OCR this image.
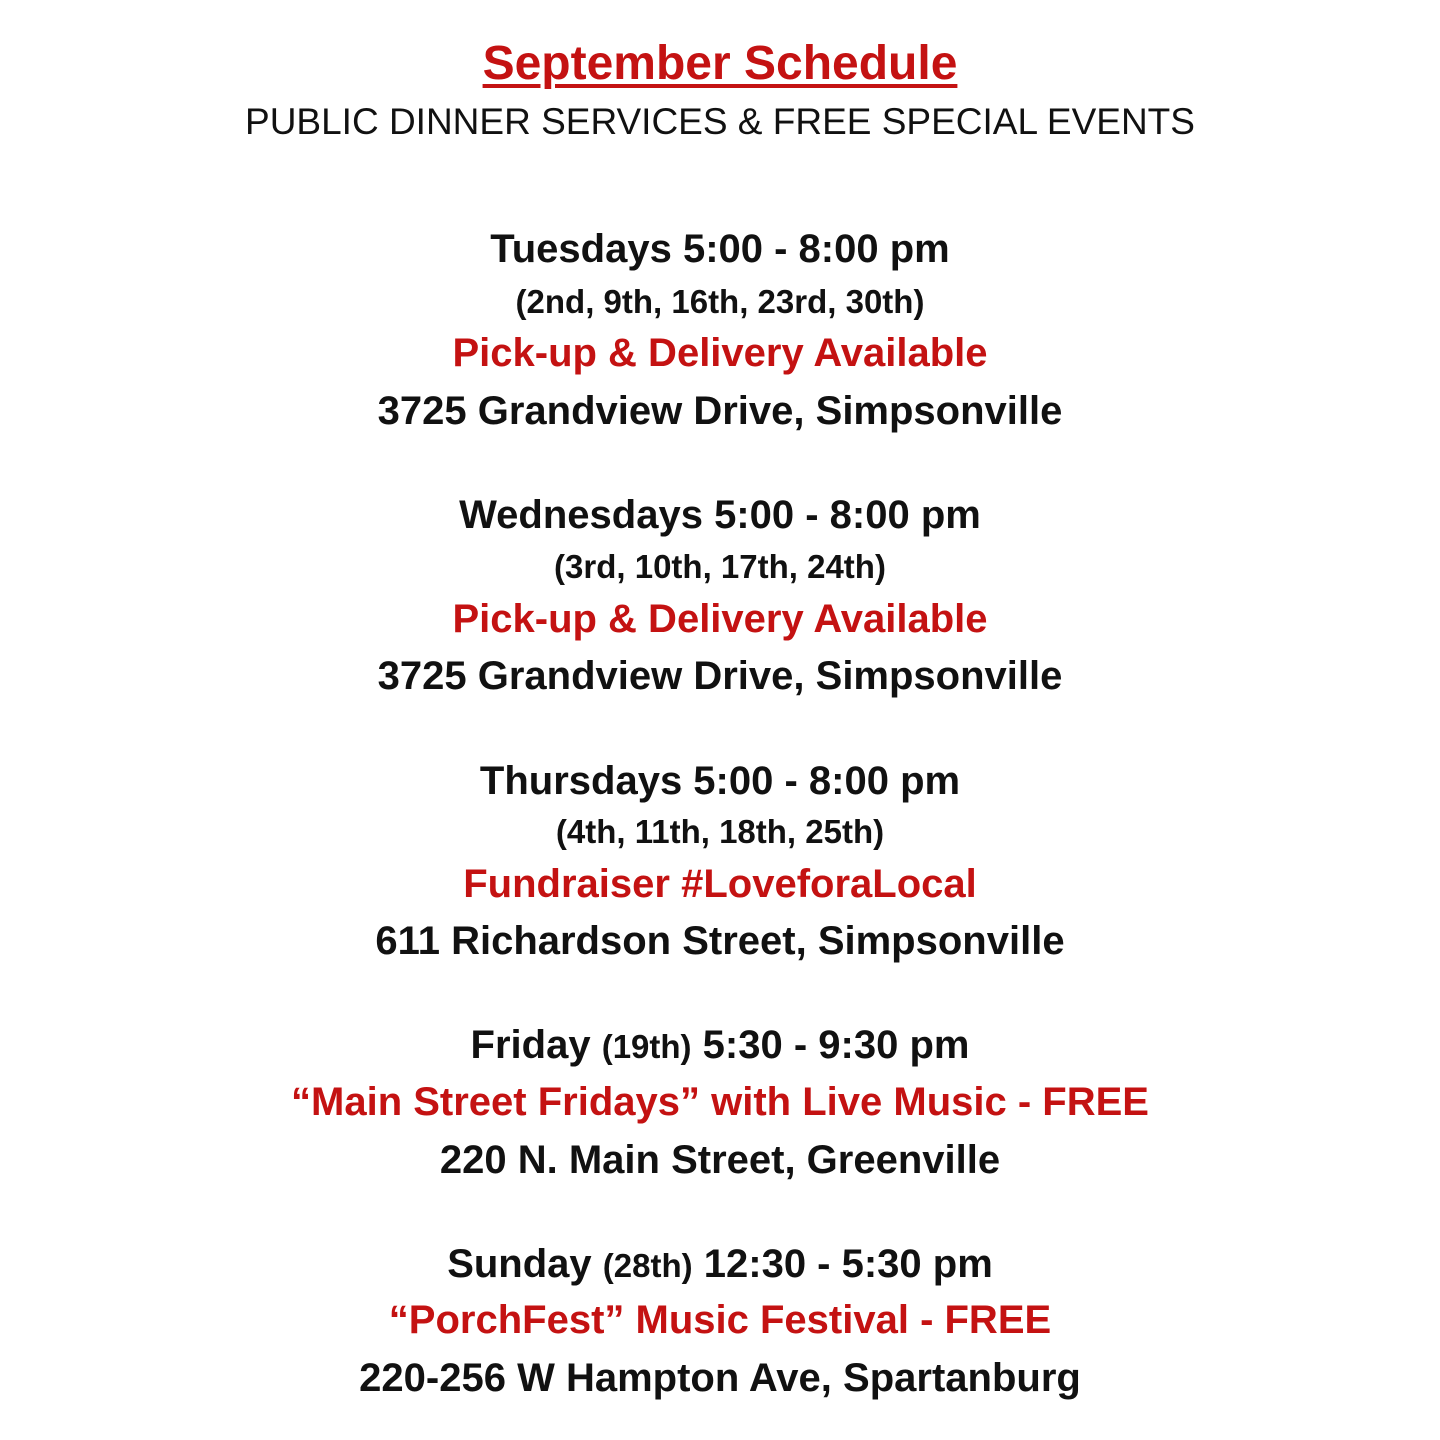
September Schedule
PUBLIC DINNER SERVICES & FREE SPECIAL EVENTS
Tuesdays 5:00 - 8:00 pm
(2nd, 9th, 16th, 23rd, 30th)
Pick-up & Delivery Available
3725 Grandview Drive, Simpsonville
Wednesdays 5:00 - 8:00 pm
(3rd, 10th, 17th, 24th)
Pick-up & Delivery Available
3725 Grandview Drive, Simpsonville
Thursdays 5:00 - 8:00 pm
(4th, 11th, 18th, 25th)
Fundraiser #LoveforaLocal
611 Richardson Street, Simpsonville
Friday (19th) 5:30 - 9:30 pm
“Main Street Fridays” with Live Music - FREE
220 N. Main Street, Greenville
Sunday (28th) 12:30 - 5:30 pm
“PorchFest” Music Festival - FREE
220-256 W Hampton Ave, Spartanburg
